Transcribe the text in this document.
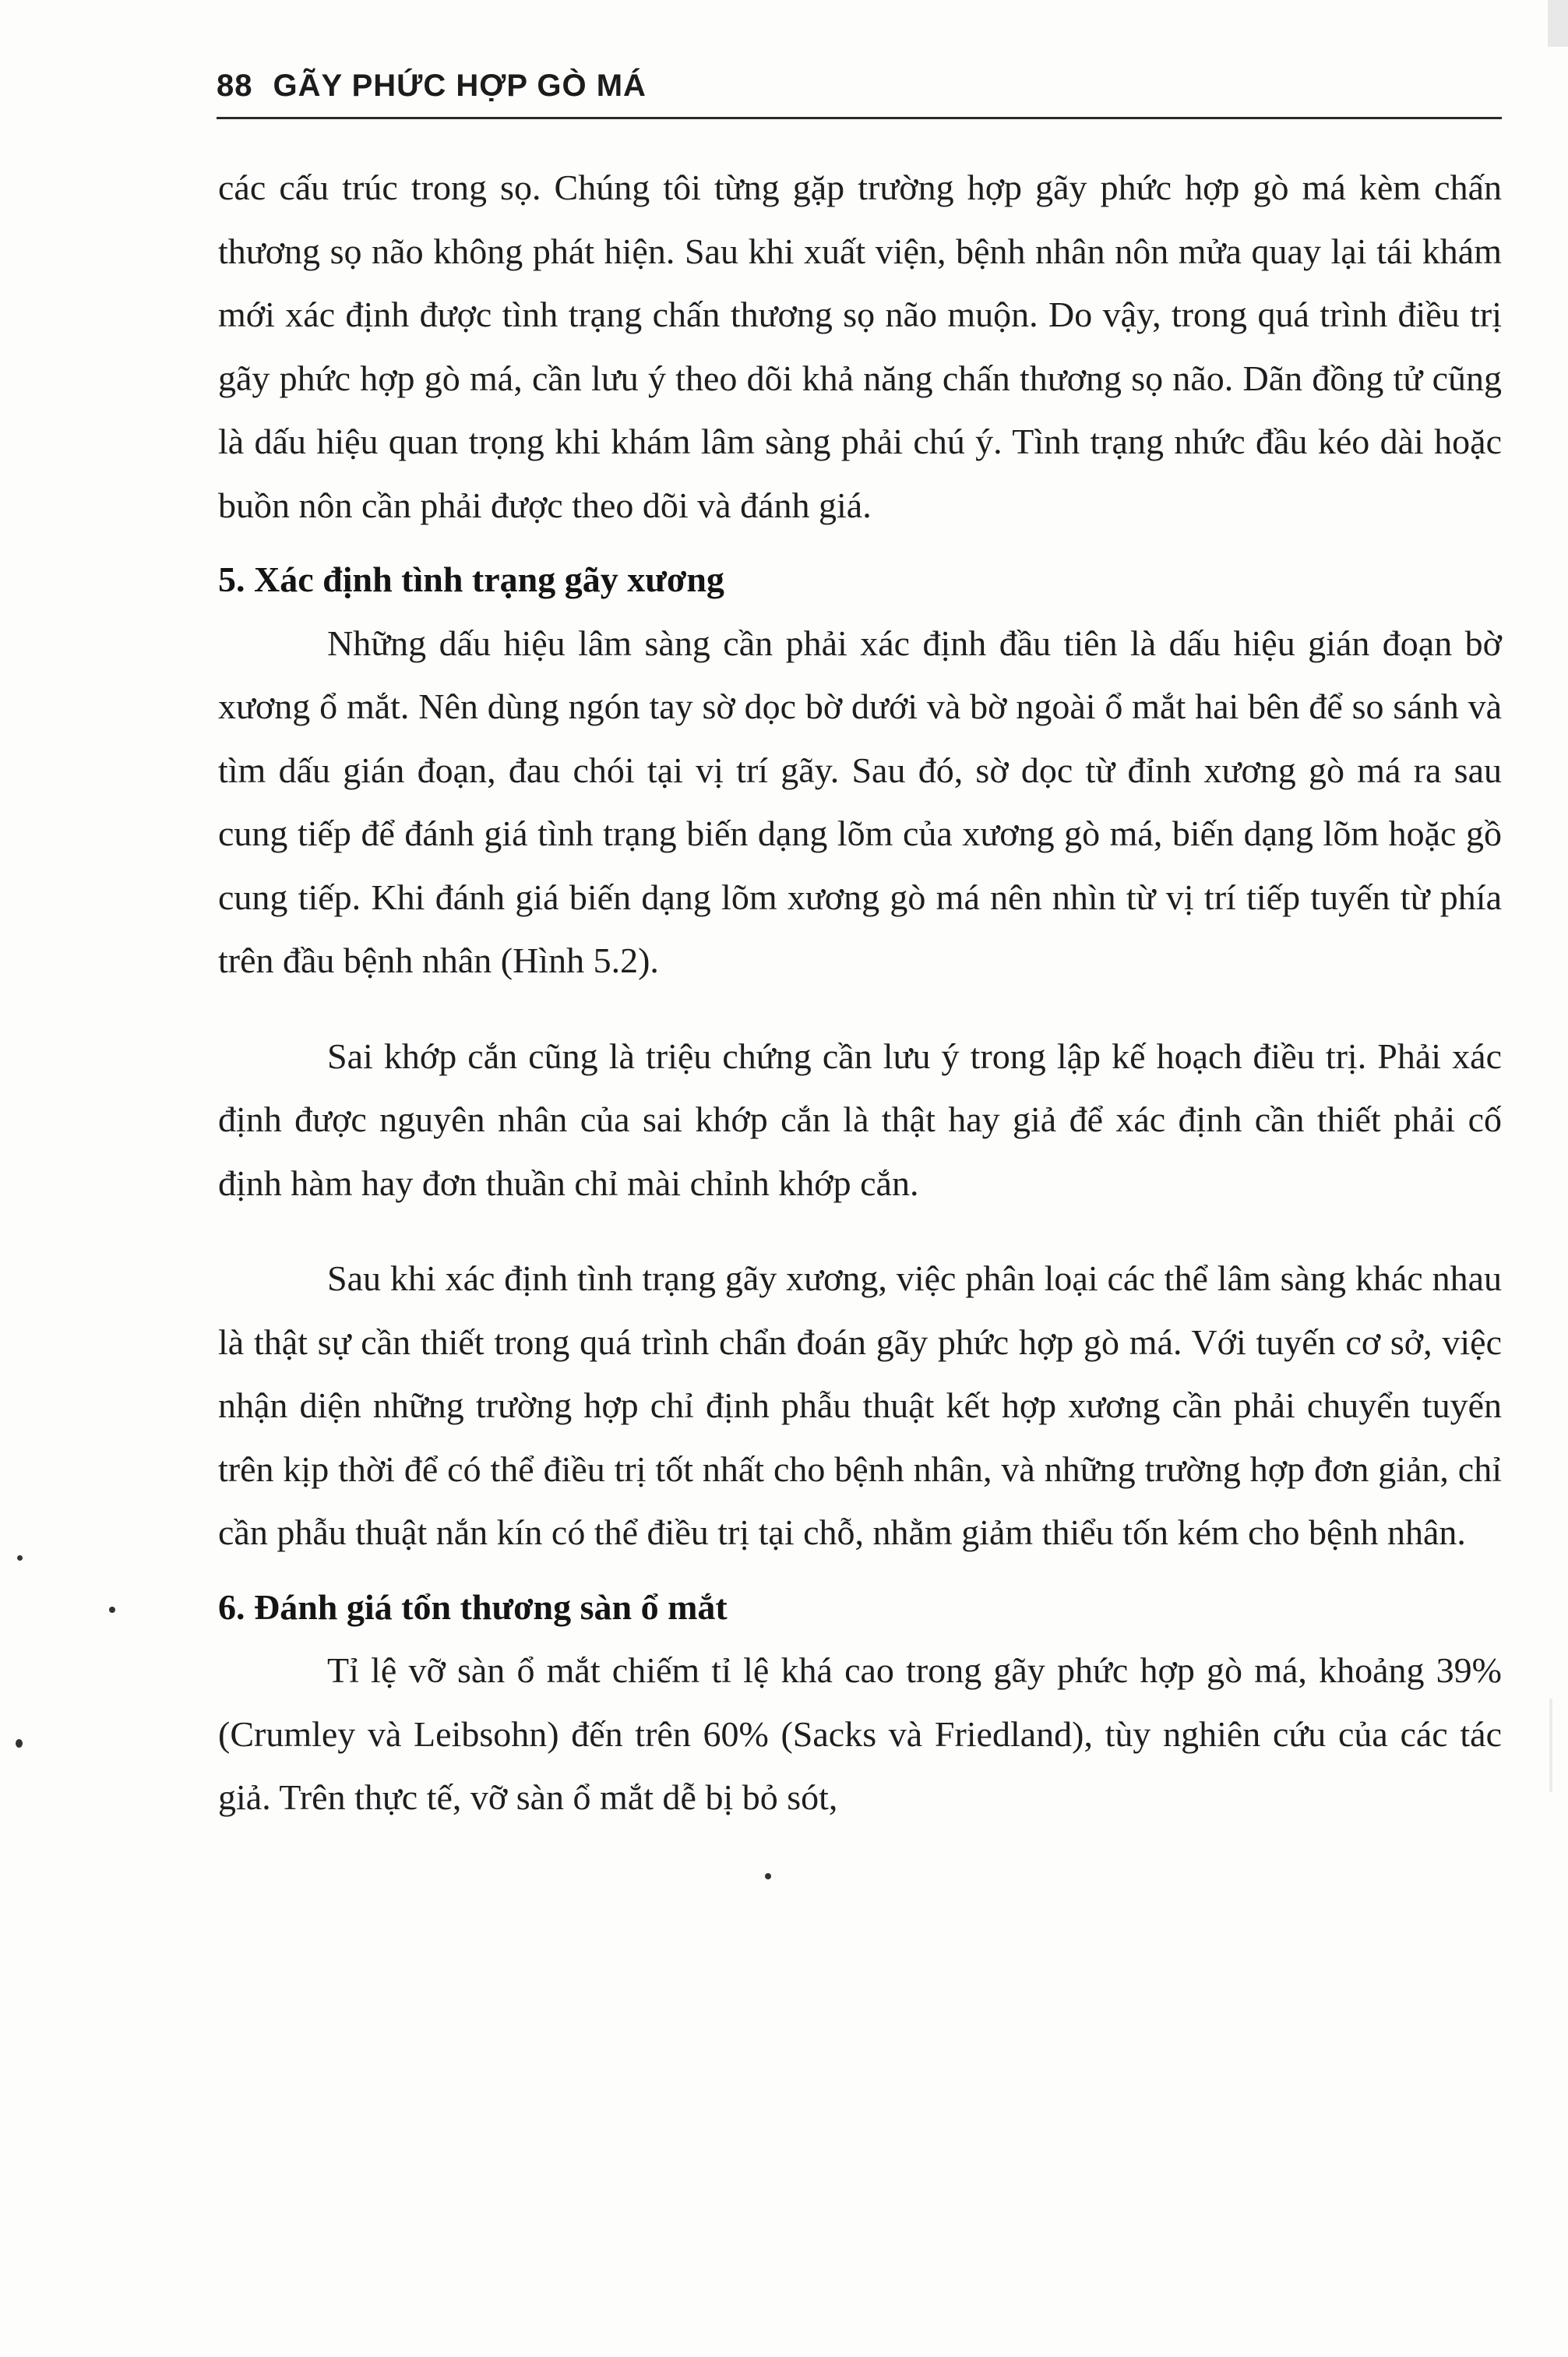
88 GÃY PHỨC HỢP GÒ MÁ

các cấu trúc trong sọ. Chúng tôi từng gặp trường hợp gãy phức hợp gò má kèm chấn thương sọ não không phát hiện. Sau khi xuất viện, bệnh nhân nôn mửa quay lại tái khám mới xác định được tình trạng chấn thương sọ não muộn. Do vậy, trong quá trình điều trị gãy phức hợp gò má, cần lưu ý theo dõi khả năng chấn thương sọ não. Dãn đồng tử cũng là dấu hiệu quan trọng khi khám lâm sàng phải chú ý. Tình trạng nhức đầu kéo dài hoặc buồn nôn cần phải được theo dõi và đánh giá.

5. Xác định tình trạng gãy xương

Những dấu hiệu lâm sàng cần phải xác định đầu tiên là dấu hiệu gián đoạn bờ xương ổ mắt. Nên dùng ngón tay sờ dọc bờ dưới và bờ ngoài ổ mắt hai bên để so sánh và tìm dấu gián đoạn, đau chói tại vị trí gãy. Sau đó, sờ dọc từ đỉnh xương gò má ra sau cung tiếp để đánh giá tình trạng biến dạng lõm của xương gò má, biến dạng lõm hoặc gồ cung tiếp. Khi đánh giá biến dạng lõm xương gò má nên nhìn từ vị trí tiếp tuyến từ phía trên đầu bệnh nhân (Hình 5.2).

Sai khớp cắn cũng là triệu chứng cần lưu ý trong lập kế hoạch điều trị. Phải xác định được nguyên nhân của sai khớp cắn là thật hay giả để xác định cần thiết phải cố định hàm hay đơn thuần chỉ mài chỉnh khớp cắn.

Sau khi xác định tình trạng gãy xương, việc phân loại các thể lâm sàng khác nhau là thật sự cần thiết trong quá trình chẩn đoán gãy phức hợp gò má. Với tuyến cơ sở, việc nhận diện những trường hợp chỉ định phẫu thuật kết hợp xương cần phải chuyển tuyến trên kịp thời để có thể điều trị tốt nhất cho bệnh nhân, và những trường hợp đơn giản, chỉ cần phẫu thuật nắn kín có thể điều trị tại chỗ, nhằm giảm thiểu tốn kém cho bệnh nhân.

6. Đánh giá tổn thương sàn ổ mắt

Tỉ lệ vỡ sàn ổ mắt chiếm tỉ lệ khá cao trong gãy phức hợp gò má, khoảng 39% (Crumley và Leibsohn) đến trên 60% (Sacks và Friedland), tùy nghiên cứu của các tác giả. Trên thực tế, vỡ sàn ổ mắt dễ bị bỏ sót,
